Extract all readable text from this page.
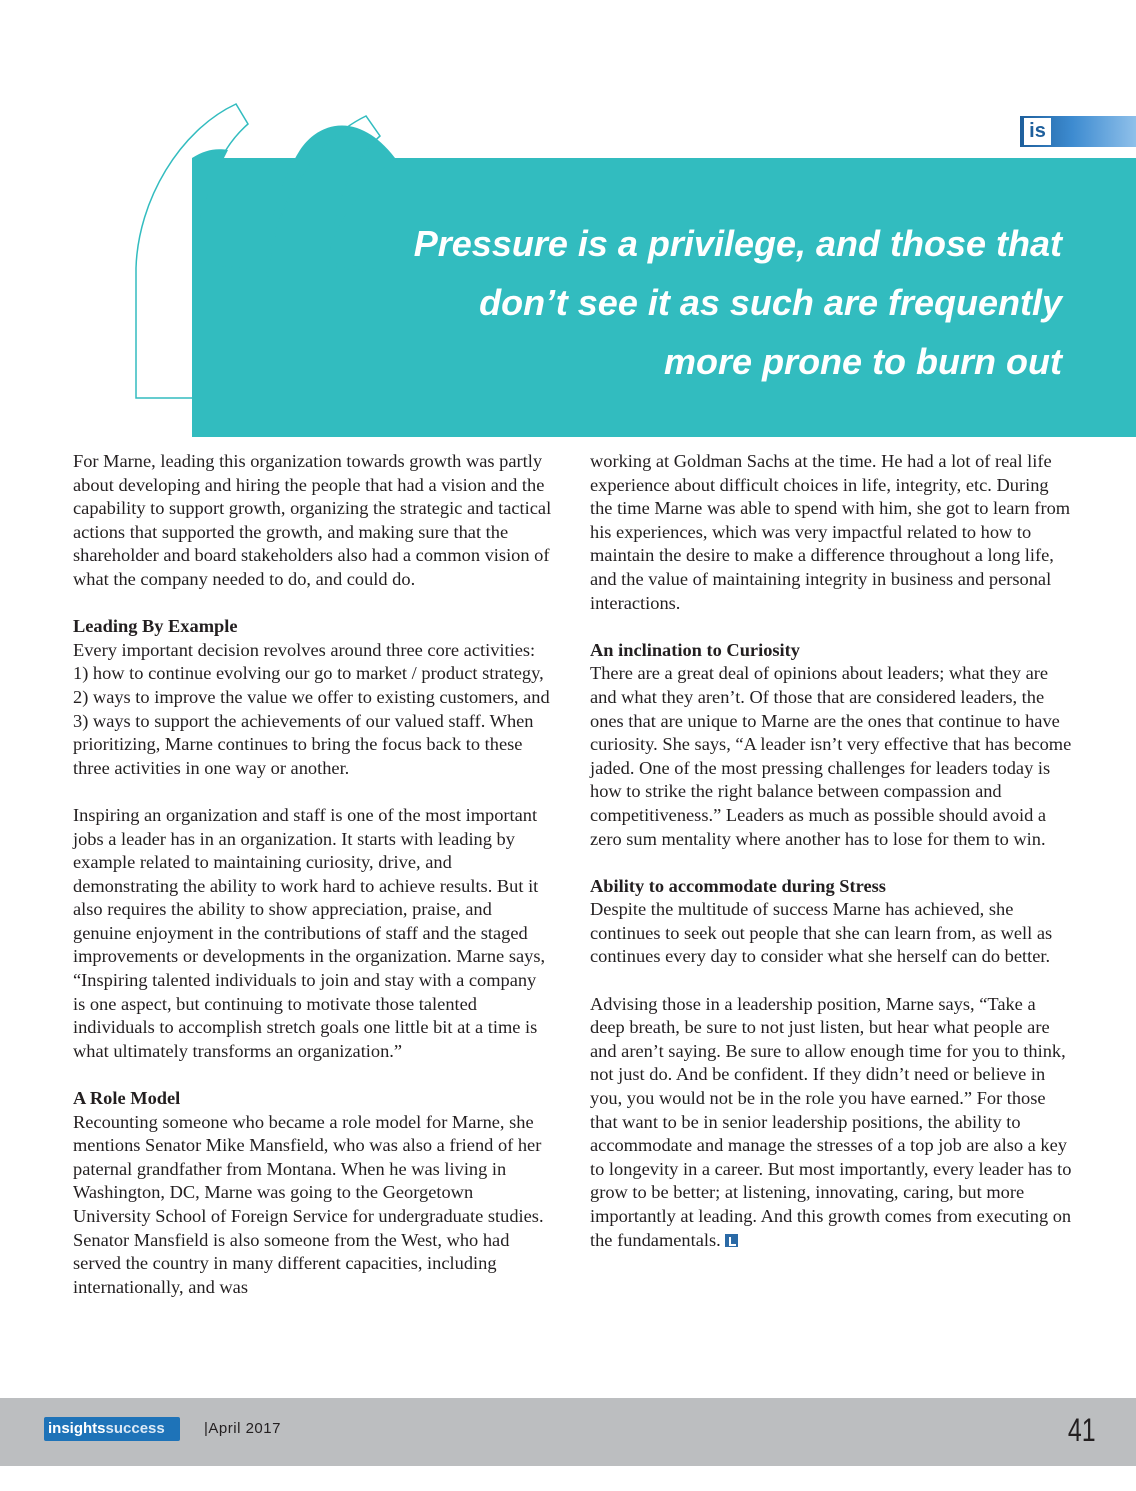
is
Pressure is a privilege, and those that
don’t see it as such are frequently
more prone to burn out

For Marne, leading this organization towards growth was partly about developing and hiring the people that had a vision and the capability to support growth, organizing the strategic and tactical actions that supported the growth, and making sure that the shareholder and board stakeholders also had a common vision of what the company needed to do, and could do.

Leading By Example

Every important decision revolves around three core activities: 1) how to continue evolving our go to market / product strategy, 2) ways to improve the value we offer to existing customers, and 3) ways to support the achievements of our valued staff. When prioritizing, Marne continues to bring the focus back to these three activities in one way or another.

Inspiring an organization and staff is one of the most important jobs a leader has in an organization. It starts with leading by example related to maintaining curiosity, drive, and demonstrating the ability to work hard to achieve results. But it also requires the ability to show appreciation, praise, and genuine enjoyment in the contributions of staff and the staged improvements or developments in the organization. Marne says, “Inspiring talented individuals to join and stay with a company is one aspect, but continuing to motivate those talented individuals to accomplish stretch goals one little bit at a time is what ultimately transforms an organization.”

A Role Model

Recounting someone who became a role model for Marne, she mentions Senator Mike Mansfield, who was also a friend of her paternal grandfather from Montana. When he was living in Washington, DC, Marne was going to the Georgetown University School of Foreign Service for undergraduate studies. Senator Mansfield is also someone from the West, who had served the country in many different capacities, including internationally, and was

working at Goldman Sachs at the time. He had a lot of real life experience about difficult choices in life, integrity, etc. During the time Marne was able to spend with him, she got to learn from his experiences, which was very impactful related to how to maintain the desire to make a difference throughout a long life, and the value of maintaining integrity in business and personal interactions.

An inclination to Curiosity

There are a great deal of opinions about leaders; what they are and what they aren’t. Of those that are considered leaders, the ones that are unique to Marne are the ones that continue to have curiosity. She says, “A leader isn’t very effective that has become jaded. One of the most pressing challenges for leaders today is how to strike the right balance between compassion and competitiveness.” Leaders as much as possible should avoid a zero sum mentality where another has to lose for them to win.

Ability to accommodate during Stress

Despite the multitude of success Marne has achieved, she continues to seek out people that she can learn from, as well as continues every day to consider what she herself can do better.

Advising those in a leadership position, Marne says, “Take a deep breath, be sure to not just listen, but hear what people are and aren’t saying. Be sure to allow enough time for you to think, not just do. And be confident. If they didn’t need or believe in you, you would not be in the role you have earned.” For those that want to be in senior leadership positions, the ability to accommodate and manage the stresses of a top job are also a key to longevity in a career. But most importantly, every leader has to grow to be better; at listening, innovating, caring, but more importantly at leading. And this growth comes from executing on the fundamentals.

insightssuccess	|April 2017	41
